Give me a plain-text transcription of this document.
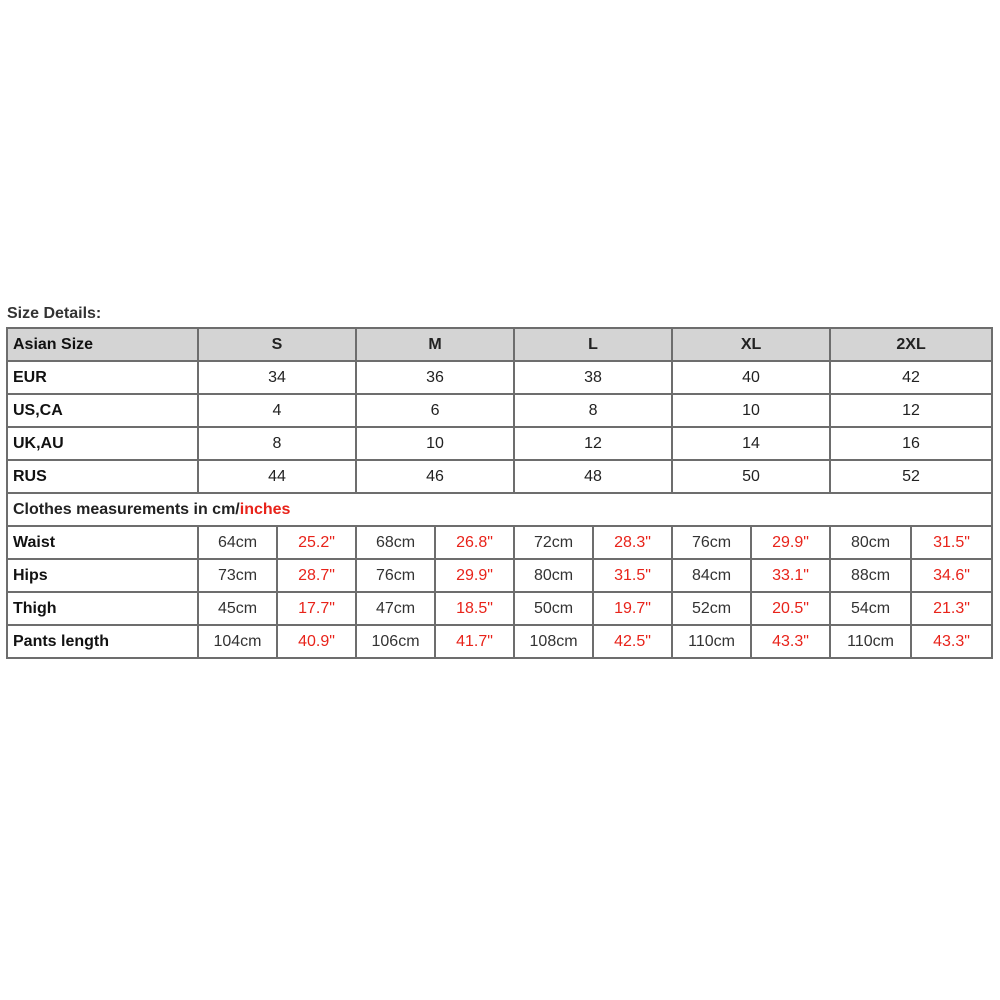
Size Details:
Asian Size	S		M		L		XL		2XL	
EUR	34		36		38		40		42	
US,CA	4		6		8		10		12	
UK,AU	8		10		12		14		16	
RUS	44		46		48		50		52	
Clothes measurements in cm/inches										
Waist	64cm	25.2"	68cm	26.8"	72cm	28.3"	76cm	29.9"	80cm	31.5"
Hips	73cm	28.7"	76cm	29.9"	80cm	31.5"	84cm	33.1"	88cm	34.6"
Thigh	45cm	17.7"	47cm	18.5"	50cm	19.7"	52cm	20.5"	54cm	21.3"
Pants length	104cm	40.9"	106cm	41.7"	108cm	42.5"	110cm	43.3"	110cm	43.3"
